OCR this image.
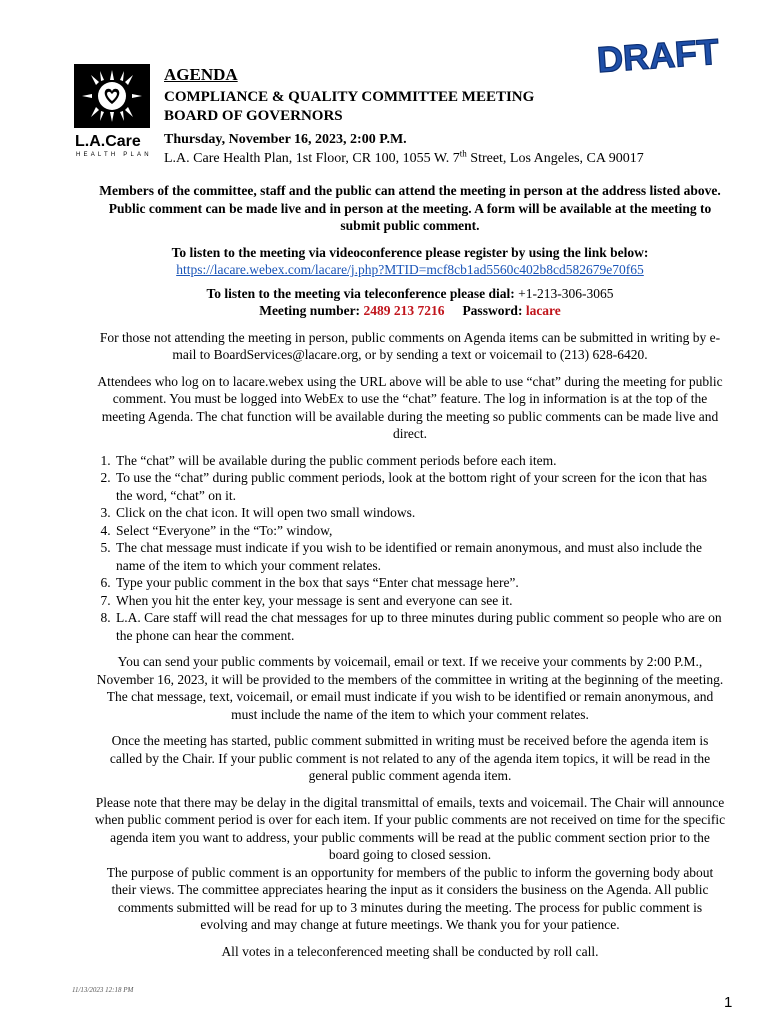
L.A.Care
HEALTH PLAN
DRAFT

AGENDA

COMPLIANCE & QUALITY COMMITTEE MEETING

BOARD OF GOVERNORS

Thursday, November 16, 2023, 2:00 P.M.

L.A. Care Health Plan, 1st Floor, CR 100, 1055 W. 7th Street, Los Angeles, CA 90017

Members of the committee, staff and the public can attend the meeting in person at the address listed above. Public comment can be made live and in person at the meeting. A form will be available at the meeting to submit public comment.

To listen to the meeting via videoconference please register by using the link below:

https://lacare.webex.com/lacare/j.php?MTID=mcf8cb1ad5560c402b8cd582679e70f65

To listen to the meeting via teleconference please dial: +1-213-306-3065

Meeting number: 2489 213 7216 Password: lacare

For those not attending the meeting in person, public comments on Agenda items can be submitted in writing by e-mail to BoardServices@lacare.org, or by sending a text or voicemail to (213) 628-6420.

Attendees who log on to lacare.webex using the URL above will be able to use “chat” during the meeting for public comment. You must be logged into WebEx to use the “chat” feature. The log in information is at the top of the meeting Agenda. The chat function will be available during the meeting so public comments can be made live and direct.

1. The “chat” will be available during the public comment periods before each item.
2. To use the “chat” during public comment periods, look at the bottom right of your screen for the icon that has the word, “chat” on it.
3. Click on the chat icon. It will open two small windows.
4. Select “Everyone” in the “To:” window,
5. The chat message must indicate if you wish to be identified or remain anonymous, and must also include the name of the item to which your comment relates.
6. Type your public comment in the box that says “Enter chat message here”.
7. When you hit the enter key, your message is sent and everyone can see it.
8. L.A. Care staff will read the chat messages for up to three minutes during public comment so people who are on the phone can hear the comment.

You can send your public comments by voicemail, email or text. If we receive your comments by 2:00 P.M., November 16, 2023, it will be provided to the members of the committee in writing at the beginning of the meeting. The chat message, text, voicemail, or email must indicate if you wish to be identified or remain anonymous, and must include the name of the item to which your comment relates.

Once the meeting has started, public comment submitted in writing must be received before the agenda item is called by the Chair. If your public comment is not related to any of the agenda item topics, it will be read in the general public comment agenda item.

Please note that there may be delay in the digital transmittal of emails, texts and voicemail. The Chair will announce when public comment period is over for each item. If your public comments are not received on time for the specific agenda item you want to address, your public comments will be read at the public comment section prior to the board going to closed session.

The purpose of public comment is an opportunity for members of the public to inform the governing body about their views. The committee appreciates hearing the input as it considers the business on the Agenda. All public comments submitted will be read for up to 3 minutes during the meeting. The process for public comment is evolving and may change at future meetings. We thank you for your patience.

All votes in a teleconferenced meeting shall be conducted by roll call.

11/13/2023 12:18 PM
1
